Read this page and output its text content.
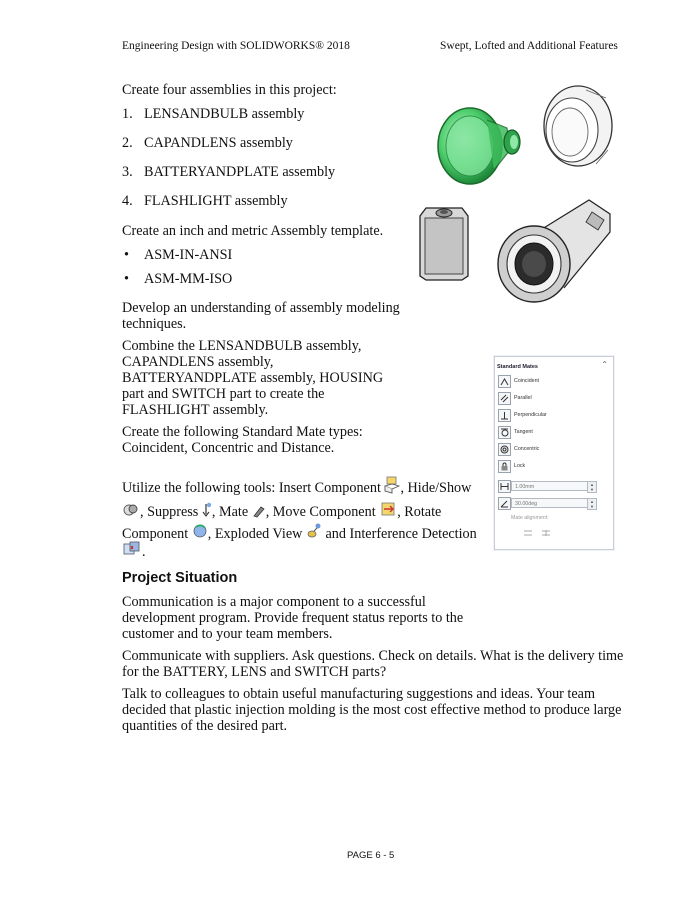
Engineering Design with SOLIDWORKS® 2018	Swept, Lofted and Additional Features
Create four assemblies in this project:
1. LENSANDBULB assembly
2. CAPANDLENS assembly
3. BATTERYANDPLATE assembly
4. FLASHLIGHT assembly
Create an inch and metric Assembly template.
• ASM-IN-ANSI
• ASM-MM-ISO
Develop an understanding of assembly modeling
techniques.
Combine the LENSANDBULB assembly,
CAPANDLENS assembly,
BATTERYANDPLATE assembly, HOUSING
part and SWITCH part to create the
FLASHLIGHT assembly.
Create the following Standard Mate types:
Coincident, Concentric and Distance.
Utilize the following tools: Insert Component , Hide/Show
, Suppress , Mate , Move Component , Rotate
Component , Exploded View  and Interference Detection
.
Project Situation
Communication is a major component to a successful
development program. Provide frequent status reports to the
customer and to your team members.
Communicate with suppliers. Ask questions. Check on details. What is the delivery time
for the BATTERY, LENS and SWITCH parts?
Talk to colleagues to obtain useful manufacturing suggestions and ideas. Your team
decided that plastic injection molding is the most cost effective method to produce large
quantities of the desired part.
PAGE 6 - 5
Standard Mates	⌃
Coincident
Parallel
Perpendicular
Tangent
Concentric
Lock
1.00mm	▲
▼
30.00deg	▲
▼
Mate alignment:
